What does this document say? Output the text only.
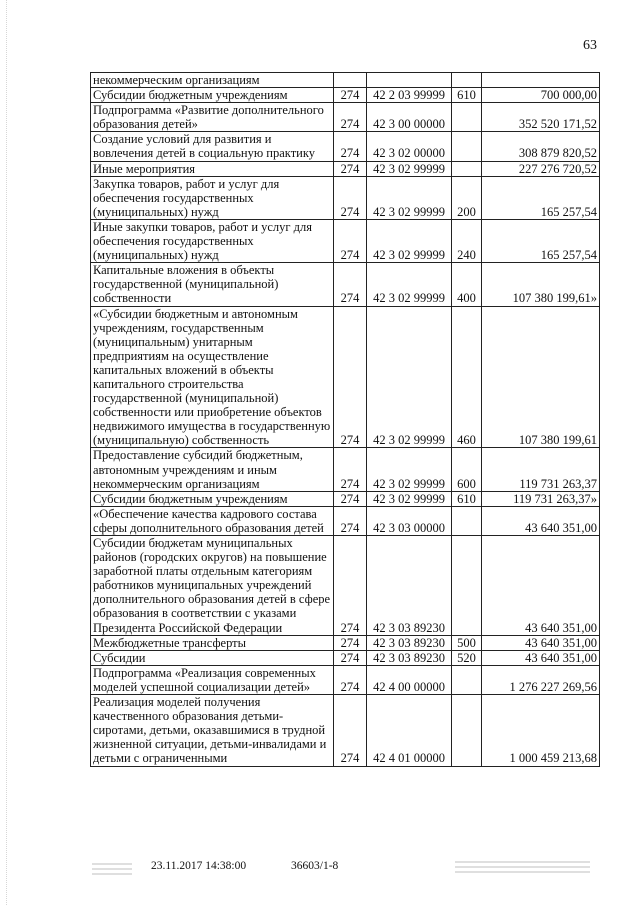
63
некоммерческим организациям				
Субсидии бюджетным учреждениям	274	42 2 03 99999	610	700 000,00
Подпрограмма «Развитие дополнительного образования детей»	274	42 3 00 00000		352 520 171,52
Создание условий для развития и вовлечения детей в социальную практику	274	42 3 02 00000		308 879 820,52
Иные мероприятия	274	42 3 02 99999		227 276 720,52
Закупка товаров, работ и услуг для обеспечения государственных (муниципальных) нужд	274	42 3 02 99999	200	165 257,54
Иные закупки товаров, работ и услуг для обеспечения государственных (муниципальных) нужд	274	42 3 02 99999	240	165 257,54
Капитальные вложения в объекты государственной (муниципальной) собственности	274	42 3 02 99999	400	107 380 199,61»
«Субсидии бюджетным и автономным учреждениям, государственным (муниципальным) унитарным предприятиям на осуществление капитальных вложений в объекты капитального строительства государственной (муниципальной) собственности или приобретение объектов недвижимого имущества в государственную (муниципальную) собственность	274	42 3 02 99999	460	107 380 199,61
Предоставление субсидий бюджетным, автономным учреждениям и иным некоммерческим организациям	274	42 3 02 99999	600	119 731 263,37
Субсидии бюджетным учреждениям	274	42 3 02 99999	610	119 731 263,37»
«Обеспечение качества кадрового состава сферы дополнительного образования детей	274	42 3 03 00000		43 640 351,00
Субсидии бюджетам муниципальных районов (городских округов) на повышение заработной платы отдельным категориям работников муниципальных учреждений дополнительного образования детей в сфере образования в соответствии с указами Президента Российской Федерации	274	42 3 03 89230		43 640 351,00
Межбюджетные трансферты	274	42 3 03 89230	500	43 640 351,00
Субсидии	274	42 3 03 89230	520	43 640 351,00
Подпрограмма «Реализация современных моделей успешной социализации детей»	274	42 4 00 00000		1 276 227 269,56
Реализация моделей получения качественного образования детьми-сиротами, детьми, оказавшимися в трудной жизненной ситуации, детьми-инвалидами и детьми с ограниченными	274	42 4 01 00000		1 000 459 213,68
23.11.2017 14:38:00	36603/1-8
